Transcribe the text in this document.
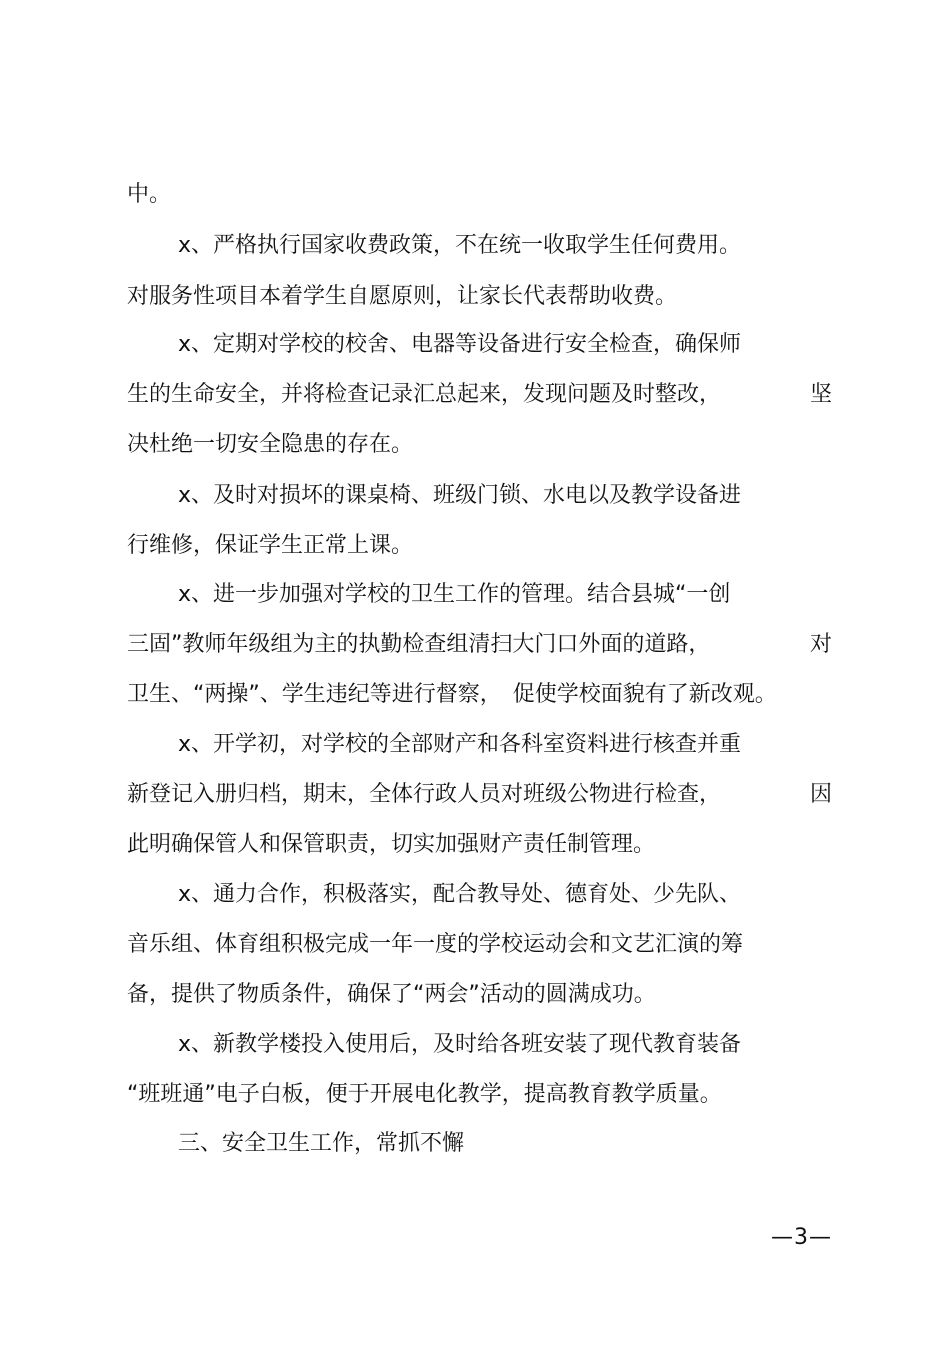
中。
x、严格执行国家收费政策，不在统一收取学生任何费用。
对服务性项目本着学生自愿原则，让家长代表帮助收费。
x、定期对学校的校舍、电器等设备进行安全检查，确保师
生的生命安全，并将检查记录汇总起来，发现问题及时整改，	坚
决杜绝一切安全隐患的存在。
x、及时对损坏的课桌椅、班级门锁、水电以及教学设备进
行维修，保证学生正常上课。
x、进一步加强对学校的卫生工作的管理。结合县城“一创
三固”教师年级组为主的执勤检查组清扫大门口外面的道路，	对
卫生、“两操”、学生违纪等进行督察，　促使学校面貌有了新改观。
x、开学初，对学校的全部财产和各科室资料进行核查并重
新登记入册归档，期末，全体行政人员对班级公物进行检查，	因
此明确保管人和保管职责，切实加强财产责任制管理。
x、通力合作，积极落实，配合教导处、德育处、少先队、
音乐组、体育组积极完成一年一度的学校运动会和文艺汇演的筹
备，提供了物质条件，确保了“两会”活动的圆满成功。
x、新教学楼投入使用后，及时给各班安装了现代教育装备
“班班通”电子白板，便于开展电化教学，提高教育教学质量。
三、安全卫生工作，常抓不懈
—3—
